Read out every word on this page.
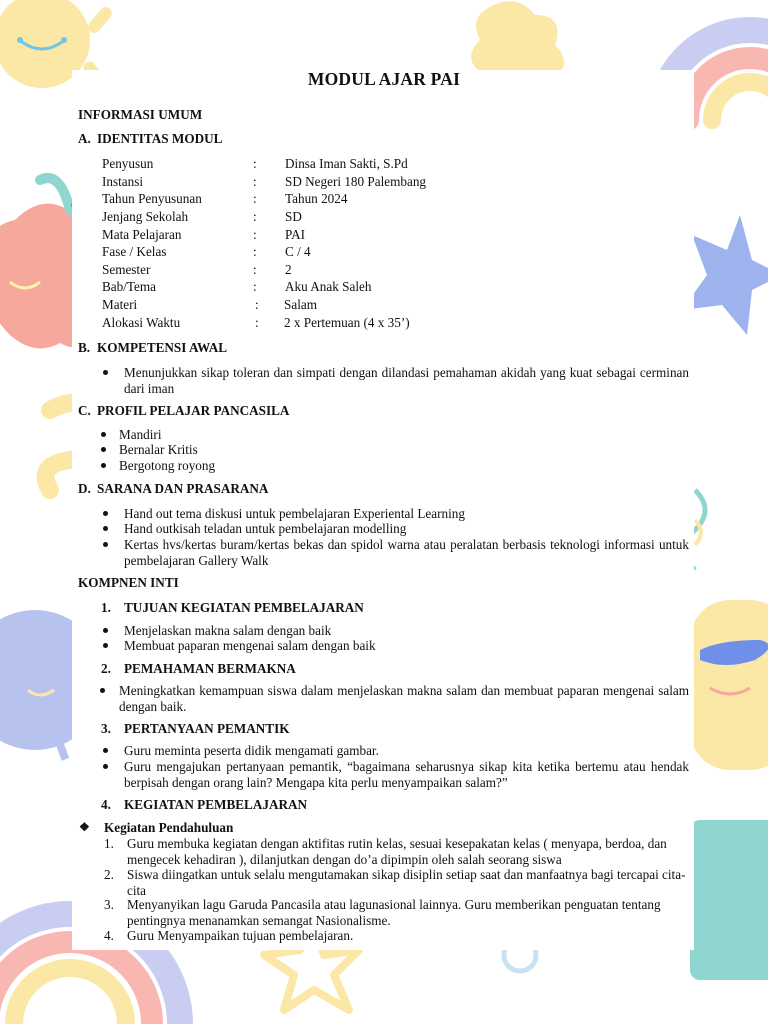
MODUL AJAR PAI
INFORMASI UMUM
A. IDENTITAS MODUL
Penyusun	: Dinsa Iman Sakti, S.Pd
Instansi	: SD Negeri 180 Palembang
Tahun Penyusunan	: Tahun 2024
Jenjang Sekolah	: SD
Mata Pelajaran	: PAI
Fase / Kelas	: C / 4
Semester	: 2
Bab/Tema	: Aku Anak Saleh
Materi	: Salam
Alokasi Waktu	: 2 x Pertemuan (4 x 35’)
B. KOMPETENSI AWAL
Menunjukkan sikap toleran dan simpati dengan dilandasi pemahaman akidah yang kuat sebagai cerminan dari iman
C. PROFIL PELAJAR PANCASILA
Mandiri
Bernalar Kritis
Bergotong royong
D. SARANA DAN PRASARANA
Hand out tema diskusi untuk pembelajaran Experiental Learning
Hand outkisah teladan untuk pembelajaran modelling
Kertas hvs/kertas buram/kertas bekas dan spidol warna atau peralatan berbasis teknologi informasi untuk pembelajaran Gallery Walk
KOMPNEN INTI
1. TUJUAN KEGIATAN PEMBELAJARAN
Menjelaskan makna salam dengan baik
Membuat paparan mengenai salam dengan baik
2. PEMAHAMAN BERMAKNA
Meningkatkan kemampuan siswa dalam menjelaskan makna salam dan membuat paparan mengenai salam dengan baik.
3. PERTANYAAN PEMANTIK
Guru meminta peserta didik mengamati gambar.
Guru mengajukan pertanyaan pemantik, “bagaimana seharusnya sikap kita ketika bertemu atau hendak berpisah dengan orang lain? Mengapa kita perlu menyampaikan salam?”
4. KEGIATAN PEMBELAJARAN
❖ Kegiatan Pendahuluan
1. Guru membuka kegiatan dengan aktifitas rutin kelas, sesuai kesepakatan kelas ( menyapa, berdoa, dan mengecek kehadiran ), dilanjutkan dengan do’a dipimpin oleh salah seorang siswa
2. Siswa diingatkan untuk selalu mengutamakan sikap disiplin setiap saat dan manfaatnya bagi tercapai cita-cita
3. Menyanyikan lagu Garuda Pancasila atau lagunasional lainnya. Guru memberikan penguatan tentang pentingnya menanamkan semangat Nasionalisme.
4. Guru Menyampaikan tujuan pembelajaran.
